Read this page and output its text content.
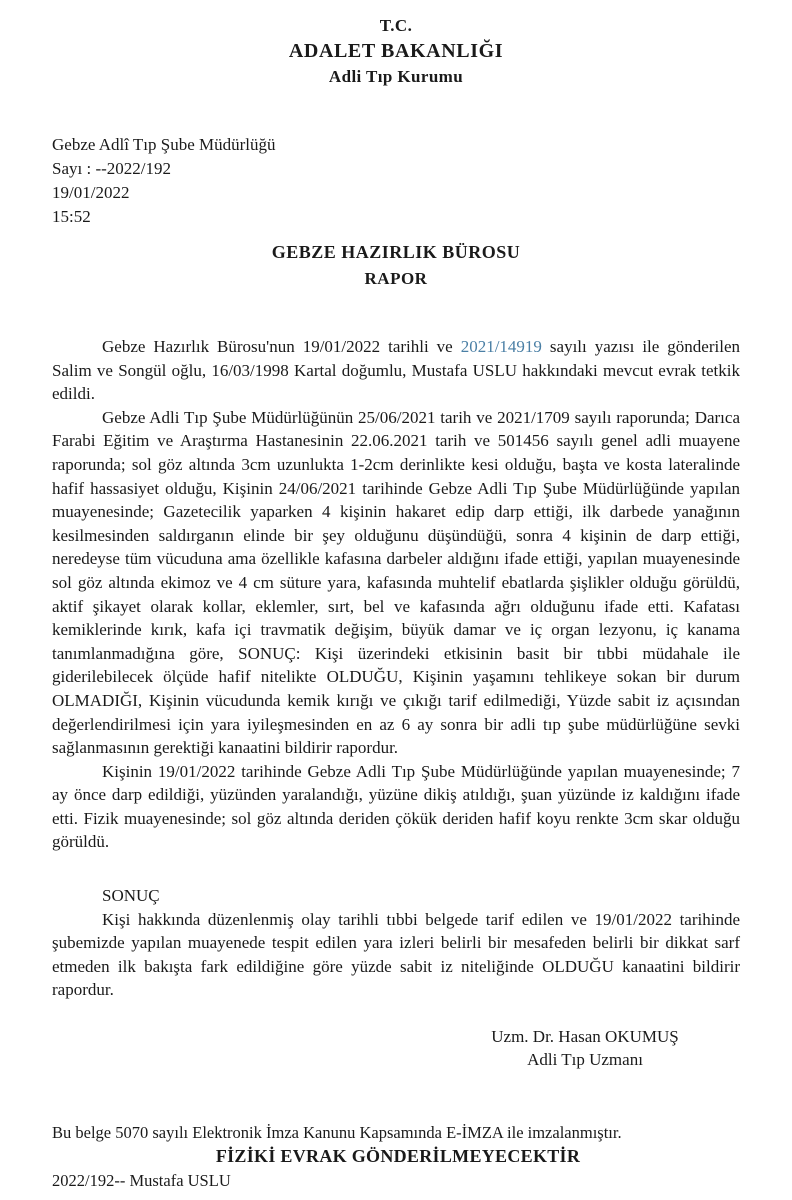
T.C.
ADALET BAKANLIĞI
Adli Tıp Kurumu
Gebze Adlî Tıp Şube Müdürlüğü
Sayı : --2022/192
19/01/2022
15:52
GEBZE HAZIRLIK BÜROSU
RAPOR

Gebze Hazırlık Bürosu'nun 19/01/2022 tarihli ve 2021/14919 sayılı yazısı ile gönderilen Salim ve Songül oğlu, 16/03/1998 Kartal doğumlu, Mustafa USLU hakkındaki mevcut evrak tetkik edildi.

Gebze Adli Tıp Şube Müdürlüğünün 25/06/2021 tarih ve 2021/1709 sayılı raporunda; Darıca Farabi Eğitim ve Araştırma Hastanesinin 22.06.2021 tarih ve 501456 sayılı genel adli muayene raporunda; sol göz altında 3cm uzunlukta 1-2cm derinlikte kesi olduğu, başta ve kosta lateralinde hafif hassasiyet olduğu, Kişinin 24/06/2021 tarihinde Gebze Adli Tıp Şube Müdürlüğünde yapılan muayenesinde; Gazetecilik yaparken 4 kişinin hakaret edip darp ettiği, ilk darbede yanağının kesilmesinden saldırganın elinde bir şey olduğunu düşündüğü, sonra 4 kişinin de darp ettiği, neredeyse tüm vücuduna ama özellikle kafasına darbeler aldığını ifade ettiği, yapılan muayenesinde sol göz altında ekimoz ve 4 cm süture yara, kafasında muhtelif ebatlarda şişlikler olduğu görüldü, aktif şikayet olarak kollar, eklemler, sırt, bel ve kafasında ağrı olduğunu ifade etti. Kafatası kemiklerinde kırık, kafa içi travmatik değişim, büyük damar ve iç organ lezyonu, iç kanama tanımlanmadığına göre, SONUÇ: Kişi üzerindeki etkisinin basit bir tıbbi müdahale ile giderilebilecek ölçüde hafif nitelikte OLDUĞU, Kişinin yaşamını tehlikeye sokan bir durum OLMADIĞI, Kişinin vücudunda kemik kırığı ve çıkığı tarif edilmediği, Yüzde sabit iz açısından değerlendirilmesi için yara iyileşmesinden en az 6 ay sonra bir adli tıp şube müdürlüğüne sevki sağlanmasının gerektiği kanaatini bildirir rapordur.

Kişinin 19/01/2022 tarihinde Gebze Adli Tıp Şube Müdürlüğünde yapılan muayenesinde; 7 ay önce darp edildiği, yüzünden yaralandığı, yüzüne dikiş atıldığı, şuan yüzünde iz kaldığını ifade etti. Fizik muayenesinde; sol göz altında deriden çökük deriden hafif koyu renkte 3cm skar olduğu görüldü.

SONUÇ

Kişi hakkında düzenlenmiş olay tarihli tıbbi belgede tarif edilen ve 19/01/2022 tarihinde şubemizde yapılan muayenede tespit edilen yara izleri belirli bir mesafeden belirli bir dikkat sarf etmeden ilk bakışta fark edildiğine göre yüzde sabit iz niteliğinde OLDUĞU kanaatini bildirir rapordur.

Uzm. Dr. Hasan OKUMUŞ
Adli Tıp Uzmanı
Bu belge 5070 sayılı Elektronik İmza Kanunu Kapsamında E-İMZA ile imzalanmıştır.
FİZİKİ EVRAK GÖNDERİLMEYECEKTİR
2022/192-- Mustafa USLU
